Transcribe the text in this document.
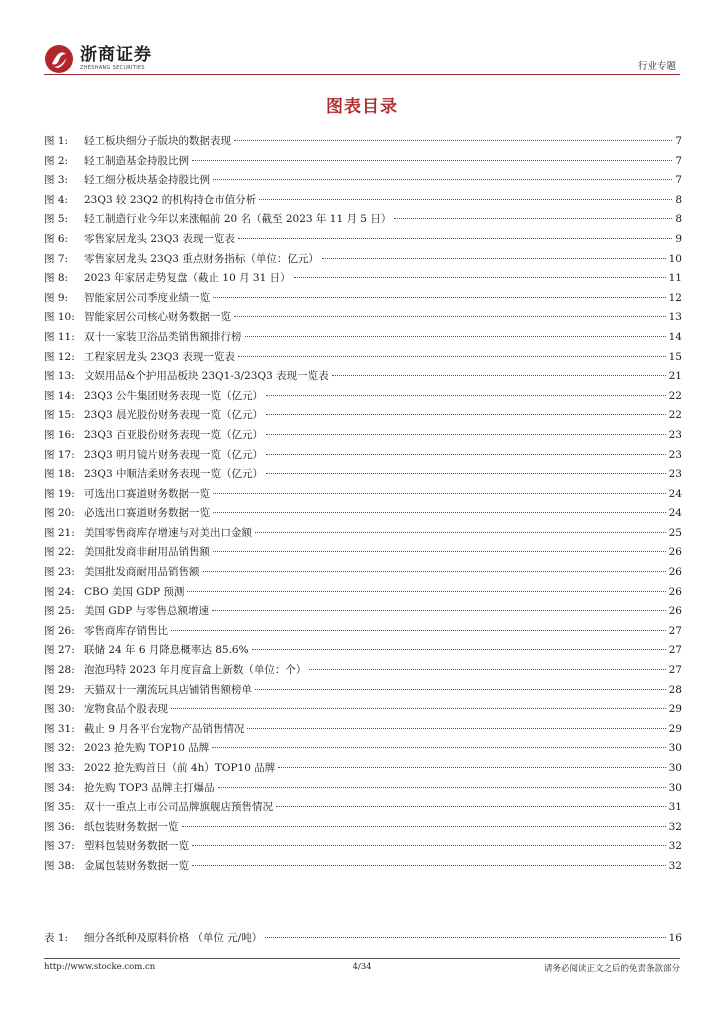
浙商证券
ZHESHANG SECURITIES	行业专题
图表目录
图 1:	轻工板块细分子版块的数据表现	7
图 2:	轻工制造基金持股比例	7
图 3:	轻工细分板块基金持股比例	7
图 4:	23Q3 较 23Q2 的机构持仓市值分析	8
图 5:	轻工制造行业今年以来涨幅前 20 名（截至 2023 年 11 月 5 日）	8
图 6:	零售家居龙头 23Q3 表现一览表	9
图 7:	零售家居龙头 23Q3 重点财务指标（单位：亿元）	10
图 8:	2023 年家居走势复盘（截止 10 月 31 日）	11
图 9:	智能家居公司季度业绩一览	12
图 10: 智能家居公司核心财务数据一览	13
图 11: 双十一家装卫浴品类销售额排行榜	14
图 12: 工程家居龙头 23Q3 表现一览表	15
图 13: 文娱用品&个护用品板块 23Q1-3/23Q3 表现一览表	21
图 14: 23Q3 公牛集团财务表现一览（亿元）	22
图 15: 23Q3 晨光股份财务表现一览（亿元）	22
图 16: 23Q3 百亚股份财务表现一览（亿元）	23
图 17: 23Q3 明月镜片财务表现一览（亿元）	23
图 18: 23Q3 中顺洁柔财务表现一览（亿元）	23
图 19: 可选出口赛道财务数据一览	24
图 20: 必选出口赛道财务数据一览	24
图 21: 美国零售商库存增速与对美出口金额	25
图 22: 美国批发商非耐用品销售额	26
图 23: 美国批发商耐用品销售额	26
图 24: CBO 美国 GDP 预测	26
图 25: 美国 GDP 与零售总额增速	26
图 26: 零售商库存销售比	27
图 27: 联储 24 年 6 月降息概率达 85.6%	27
图 28: 泡泡玛特 2023 年月度盲盒上新数（单位：个）	27
图 29: 天猫双十一潮流玩具店铺销售额榜单	28
图 30: 宠物食品个股表现	29
图 31: 截止 9 月各平台宠物产品销售情况	29
图 32: 2023 抢先购 TOP10 品牌	30
图 33: 2022 抢先购首日（前 4h）TOP10 品牌	30
图 34: 抢先购 TOP3 品牌主打爆品	30
图 35: 双十一重点上市公司品牌旗舰店预售情况	31
图 36: 纸包装财务数据一览	32
图 37: 塑料包装财务数据一览	32
图 38: 金属包装财务数据一览	32
表 1:	细分各纸种及原料价格 （单位 元/吨）	16
http://www.stocke.com.cn	4/34	请务必阅读正文之后的免责条款部分
